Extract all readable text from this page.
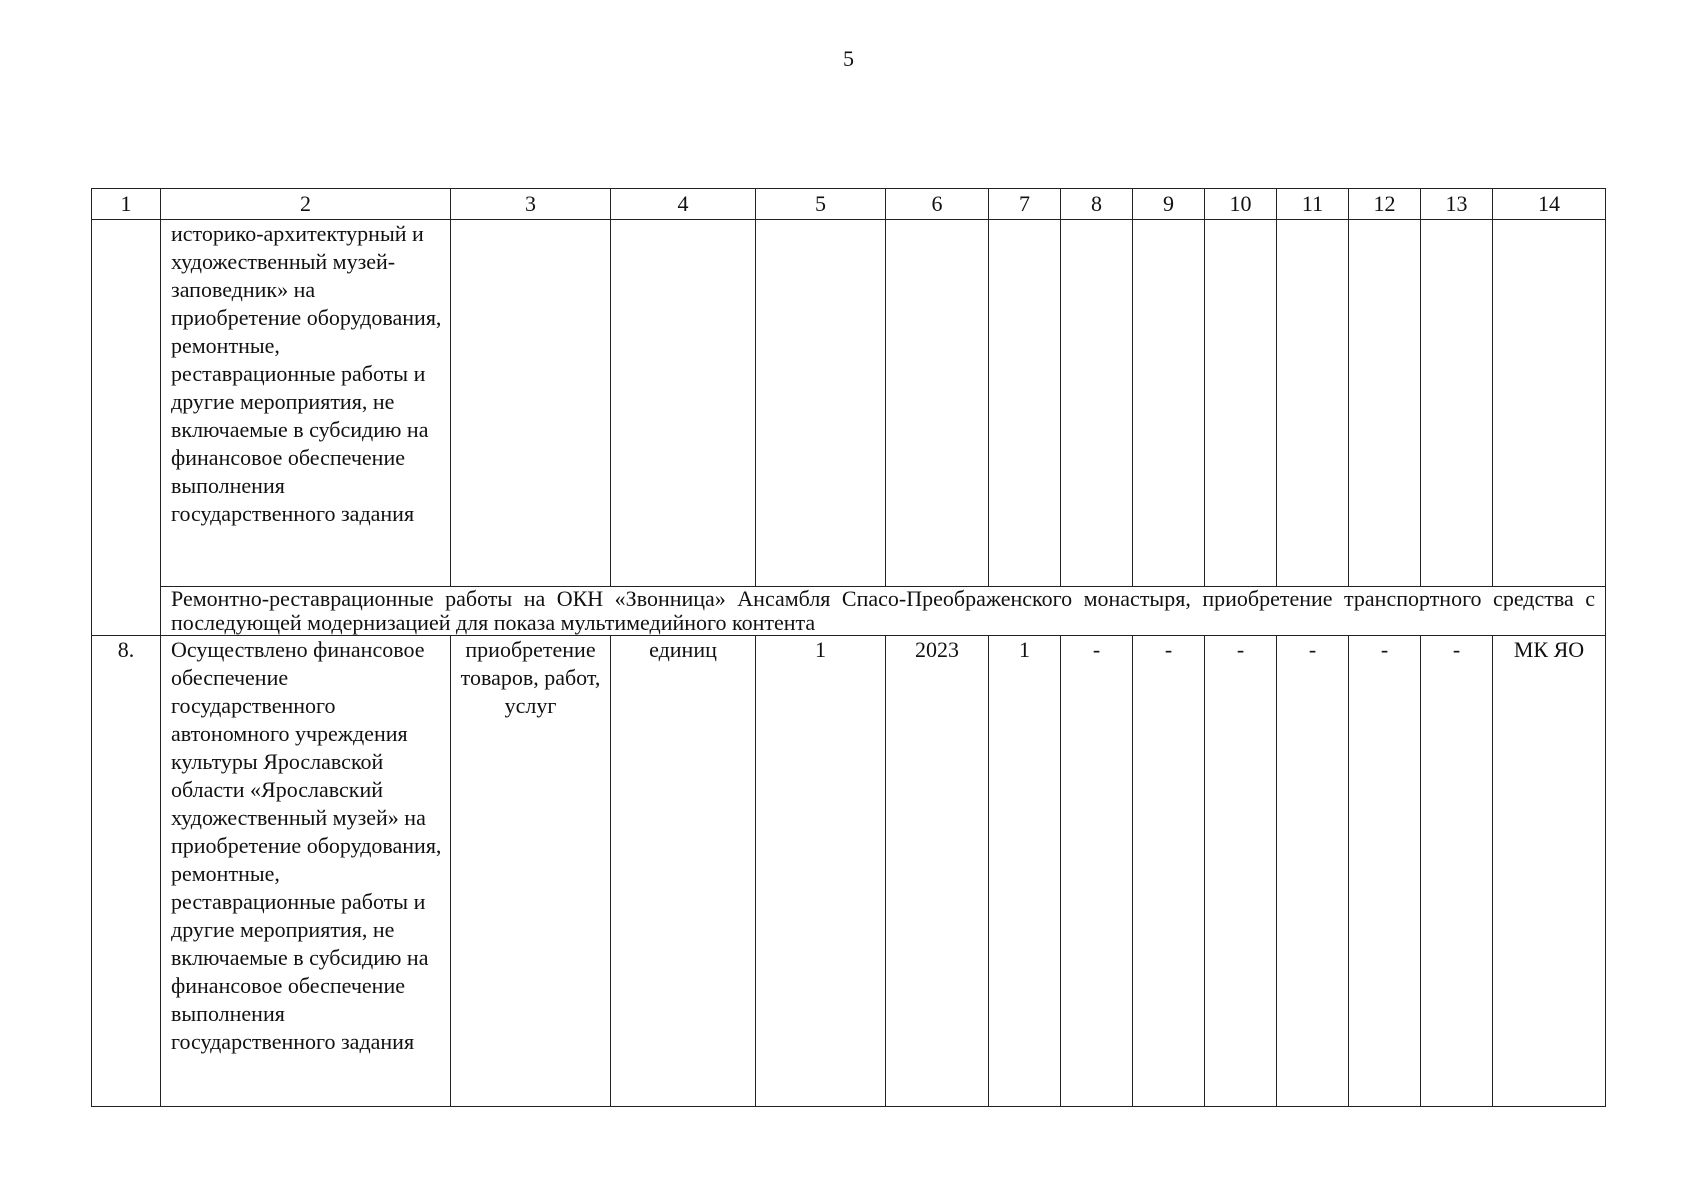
5
1	2	3	4	5	6	7	8	9	10	11	12	13	14
	историко-архитектурный и художественный музей-заповедник» на приобретение оборудования, ремонтные, реставрационные работы и другие мероприятия, не включаемые в субсидию на финансовое обеспечение выполнения государственного задания												
	Ремонтно-реставрационные работы на ОКН «Звонница» Ансамбля Спасо-Преображенского монастыря, приобретение транспортного средства с последующей модернизацией для показа мультимедийного контента												
8.	Осуществлено финансовое обеспечение государственного автономного учреждения культуры Ярославской области «Ярославский художественный музей» на приобретение оборудования, ремонтные, реставрационные работы и другие мероприятия, не включаемые в субсидию на финансовое обеспечение выполнения государственного задания	приобретение товаров, работ, услуг	единиц	1	2023	1	-	-	-	-	-	-	МК ЯО
